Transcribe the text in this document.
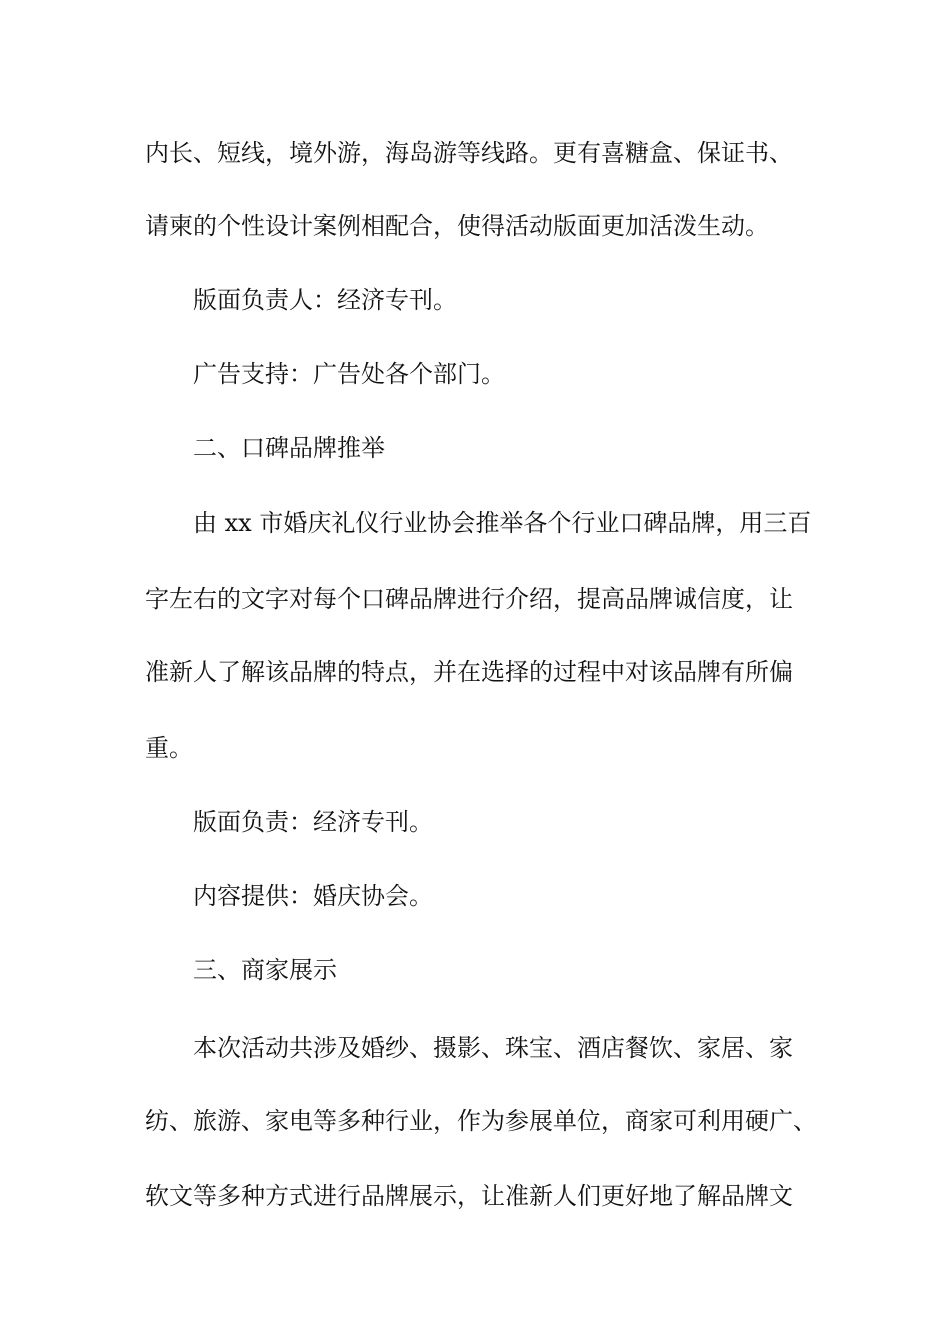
内长、短线，境外游，海岛游等线路。更有喜糖盒、保证书、
请柬的个性设计案例相配合，使得活动版面更加活泼生动。
版面负责人：经济专刊。
广告支持：广告处各个部门。
二、口碑品牌推举
由 xx 市婚庆礼仪行业协会推举各个行业口碑品牌，用三百
字左右的文字对每个口碑品牌进行介绍，提高品牌诚信度，让
准新人了解该品牌的特点，并在选择的过程中对该品牌有所偏
重。
版面负责：经济专刊。
内容提供：婚庆协会。
三、商家展示
本次活动共涉及婚纱、摄影、珠宝、酒店餐饮、家居、家
纺、旅游、家电等多种行业，作为参展单位，商家可利用硬广、
软文等多种方式进行品牌展示，让准新人们更好地了解品牌文
